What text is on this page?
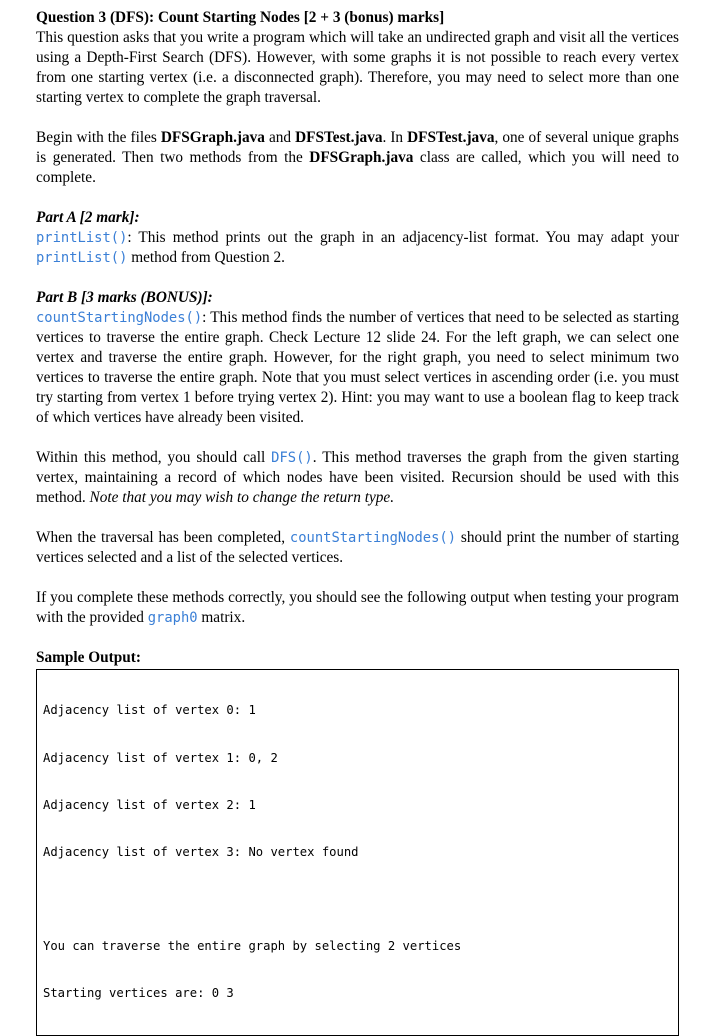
Question 3 (DFS): Count Starting Nodes [2 + 3 (bonus) marks]

This question asks that you write a program which will take an undirected graph and visit all the vertices using a Depth-First Search (DFS). However, with some graphs it is not possible to reach every vertex from one starting vertex (i.e. a disconnected graph). Therefore, you may need to select more than one starting vertex to complete the graph traversal.

Begin with the files DFSGraph.java and DFSTest.java. In DFSTest.java, one of several unique graphs is generated. Then two methods from the DFSGraph.java class are called, which you will need to complete.

Part A [2 mark]:

printList(): This method prints out the graph in an adjacency-list format. You may adapt your printList() method from Question 2.

Part B [3 marks (BONUS)]:

countStartingNodes(): This method finds the number of vertices that need to be selected as starting vertices to traverse the entire graph. Check Lecture 12 slide 24. For the left graph, we can select one vertex and traverse the entire graph. However, for the right graph, you need to select minimum two vertices to traverse the entire graph. Note that you must select vertices in ascending order (i.e. you must try starting from vertex 1 before trying vertex 2). Hint: you may want to use a boolean flag to keep track of which vertices have already been visited.

Within this method, you should call DFS(). This method traverses the graph from the given starting vertex, maintaining a record of which nodes have been visited. Recursion should be used with this method. Note that you may wish to change the return type.

When the traversal has been completed, countStartingNodes() should print the number of starting vertices selected and a list of the selected vertices.

If you complete these methods correctly, you should see the following output when testing your program with the provided graph0 matrix.

Sample Output:

Adjacency list of vertex 0: 1

Adjacency list of vertex 1: 0, 2

Adjacency list of vertex 2: 1

Adjacency list of vertex 3: No vertex found

You can traverse the entire graph by selecting 2 vertices

Starting vertices are: 0 3
